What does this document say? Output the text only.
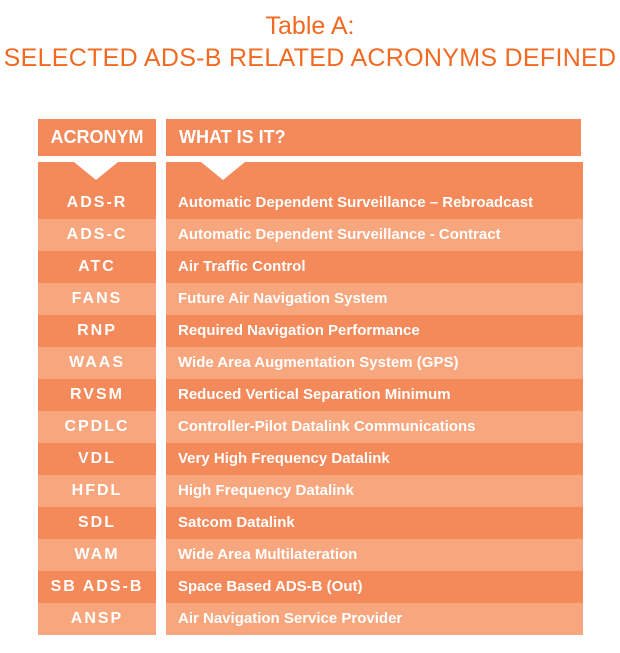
Table A:
SELECTED ADS-B RELATED ACRONYMS DEFINED
ACRONYM	WHAT IS IT?
ADS-R
ADS-C
ATC
FANS
RNP
WAAS
RVSM
CPDLC
VDL
HFDL
SDL
WAM
SB ADS-B
ANSP
Automatic Dependent Surveillance – Rebroadcast
Automatic Dependent Surveillance - Contract
Air Traffic Control
Future Air Navigation System
Required Navigation Performance
Wide Area Augmentation System (GPS)
Reduced Vertical Separation Minimum
Controller-Pilot Datalink Communications
Very High Frequency Datalink
High Frequency Datalink
Satcom Datalink
Wide Area Multilateration
Space Based ADS-B (Out)
Air Navigation Service Provider
